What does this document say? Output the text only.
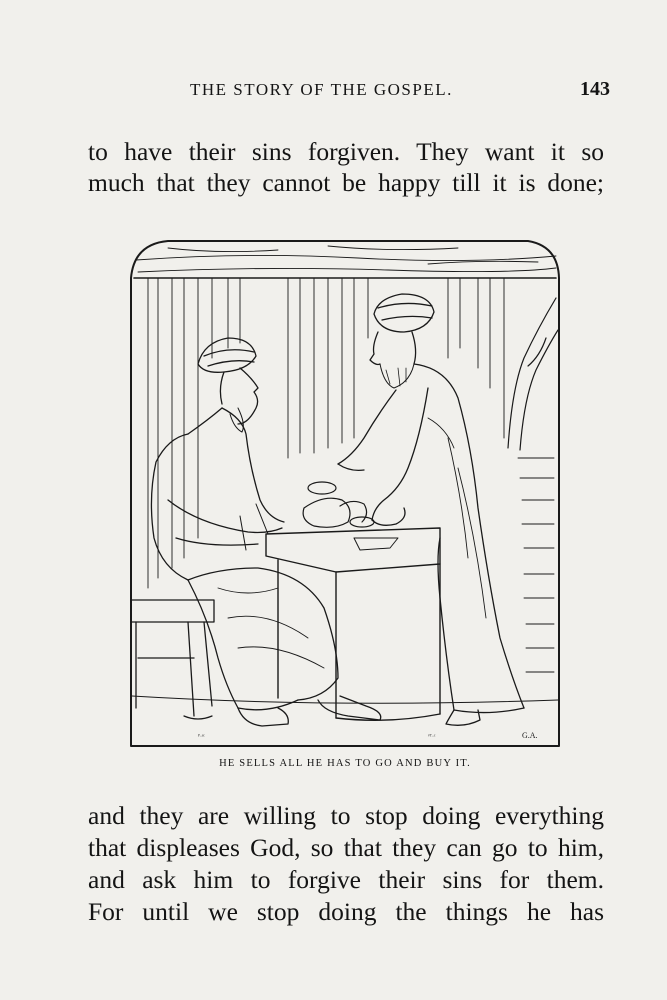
THE STORY OF THE GOSPEL.	143
to have their sins forgiven. They want it so
much that they cannot be happy till it is done;
ᴾ·ˢᶜ	ᵛᵀ·ᶜ	G.A.
HE SELLS ALL HE HAS TO GO AND BUY IT.
and they are willing to stop doing everything
that displeases God, so that they can go to him,
and ask him to forgive their sins for them.
For until we stop doing the things he has
